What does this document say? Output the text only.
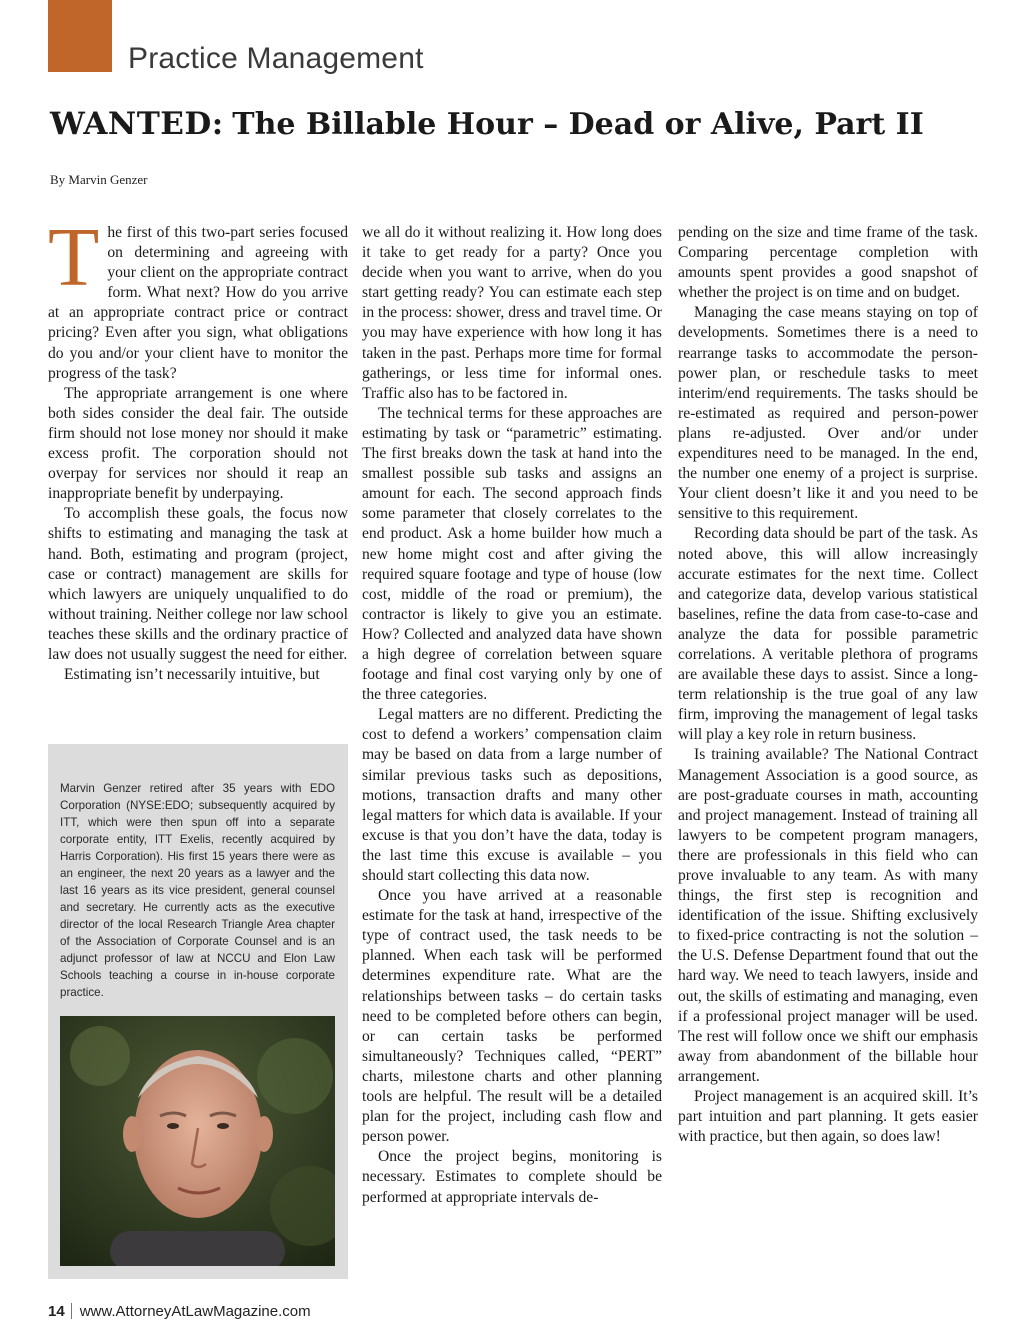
Practice Management
WANTED: The Billable Hour – Dead or Alive, Part II
By Marvin Genzer

The first of this two-part series focused on determining and agreeing with your client on the appropriate contract form. What next? How do you arrive at an appropriate contract price or contract pricing? Even after you sign, what obligations do you and/or your client have to monitor the progress of the task?

The appropriate arrangement is one where both sides consider the deal fair. The outside firm should not lose money nor should it make excess profit. The corporation should not overpay for services nor should it reap an inappropriate benefit by underpaying.

To accomplish these goals, the focus now shifts to estimating and managing the task at hand. Both, estimating and program (project, case or contract) management are skills for which lawyers are uniquely unqualified to do without training. Neither college nor law school teaches these skills and the ordinary practice of law does not usually suggest the need for either.

Estimating isn’t necessarily intuitive, but

Marvin Genzer retired after 35 years with EDO Corporation (NYSE:EDO; subsequently acquired by ITT, which were then spun off into a separate corporate entity, ITT Exelis, recently acquired by Harris Corporation). His first 15 years there were as an engineer, the next 20 years as a lawyer and the last 16 years as its vice president, general counsel and secretary. He currently acts as the executive director of the local Research Triangle Area chapter of the Association of Corporate Counsel and is an adjunct professor of law at NCCU and Elon Law Schools teaching a course in in-house corporate practice.

we all do it without realizing it. How long does it take to get ready for a party? Once you decide when you want to arrive, when do you start getting ready? You can estimate each step in the process: shower, dress and travel time. Or you may have experience with how long it has taken in the past. Perhaps more time for formal gatherings, or less time for informal ones. Traffic also has to be factored in.

The technical terms for these approaches are estimating by task or “parametric” estimating. The first breaks down the task at hand into the smallest possible sub tasks and assigns an amount for each. The second approach finds some parameter that closely correlates to the end product. Ask a home builder how much a new home might cost and after giving the required square footage and type of house (low cost, middle of the road or premium), the contractor is likely to give you an estimate. How? Collected and analyzed data have shown a high degree of correlation between square footage and final cost varying only by one of the three categories.

Legal matters are no different. Predicting the cost to defend a workers’ compensation claim may be based on data from a large number of similar previous tasks such as depositions, motions, transaction drafts and many other legal matters for which data is available. If your excuse is that you don’t have the data, today is the last time this excuse is available – you should start collecting this data now.

Once you have arrived at a reasonable estimate for the task at hand, irrespective of the type of contract used, the task needs to be planned. When each task will be performed determines expenditure rate. What are the relationships between tasks – do certain tasks need to be completed before others can begin, or can certain tasks be performed simultaneously? Techniques called, “PERT” charts, milestone charts and other planning tools are helpful. The result will be a detailed plan for the project, including cash flow and person power.

Once the project begins, monitoring is necessary. Estimates to complete should be performed at appropriate intervals de-

pending on the size and time frame of the task. Comparing percentage completion with amounts spent provides a good snapshot of whether the project is on time and on budget.

Managing the case means staying on top of developments. Sometimes there is a need to rearrange tasks to accommodate the person-power plan, or reschedule tasks to meet interim/end requirements. The tasks should be re-estimated as required and person-power plans re-adjusted. Over and/or under expenditures need to be managed. In the end, the number one enemy of a project is surprise. Your client doesn’t like it and you need to be sensitive to this requirement.

Recording data should be part of the task. As noted above, this will allow increasingly accurate estimates for the next time. Collect and categorize data, develop various statistical baselines, refine the data from case-to-case and analyze the data for possible parametric correlations. A veritable plethora of programs are available these days to assist. Since a long-term relationship is the true goal of any law firm, improving the management of legal tasks will play a key role in return business.

Is training available? The National Contract Management Association is a good source, as are post-graduate courses in math, accounting and project management. Instead of training all lawyers to be competent program managers, there are professionals in this field who can prove invaluable to any team. As with many things, the first step is recognition and identification of the issue. Shifting exclusively to fixed-price contracting is not the solution – the U.S. Defense Department found that out the hard way. We need to teach lawyers, inside and out, the skills of estimating and managing, even if a professional project manager will be used. The rest will follow once we shift our emphasis away from abandonment of the billable hour arrangement.

Project management is an acquired skill. It’s part intuition and part planning. It gets easier with practice, but then again, so does law!

14 www.AttorneyAtLawMagazine.com
